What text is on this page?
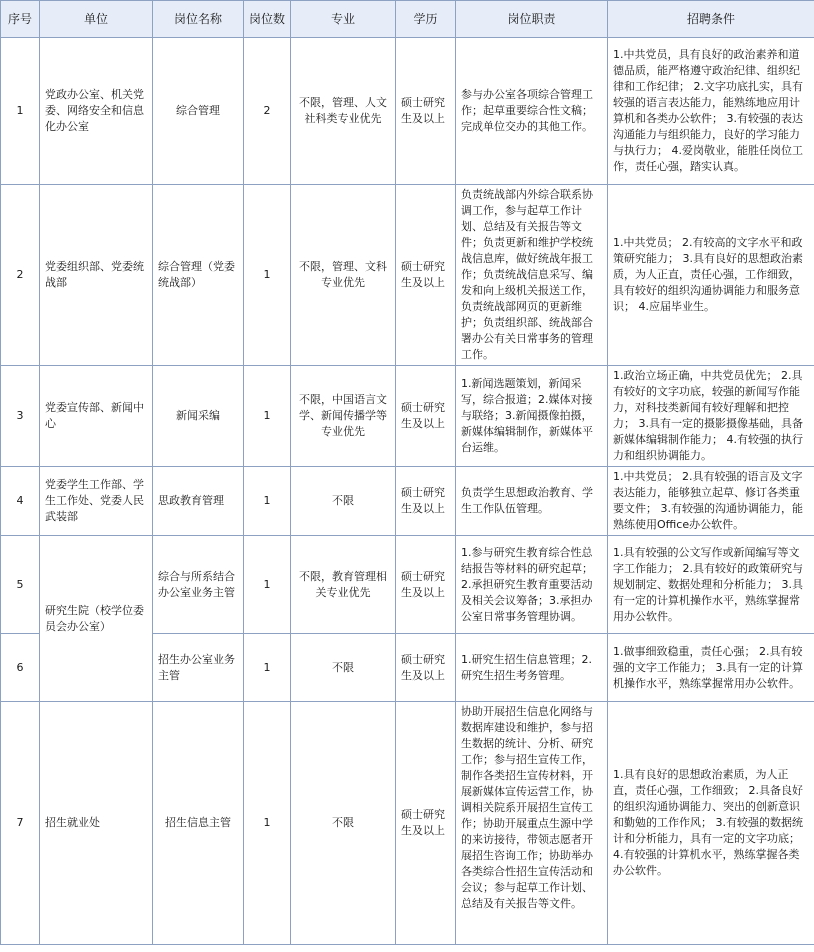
序号	单位	岗位名称	岗位数	专业	学历	岗位职责	招聘条件
1	党政办公室、机关党委、网络安全和信息化办公室	综合管理	2	不限，管理、人文社科类专业优先	硕士研究生及以上	参与办公室各项综合管理工作；起草重要综合性文稿；完成单位交办的其他工作。	1.中共党员，具有良好的政治素养和道德品质，能严格遵守政治纪律、组织纪律和工作纪律； 2.文字功底扎实，具有较强的语言表达能力，能熟练地应用计算机和各类办公软件； 3.有较强的表达沟通能力与组织能力，良好的学习能力与执行力； 4.爱岗敬业，能胜任岗位工作，责任心强，踏实认真。
2	党委组织部、党委统战部	综合管理（党委统战部）	1	不限，管理、文科专业优先	硕士研究生及以上	负责统战部内外综合联系协调工作，参与起草工作计划、总结及有关报告等文件；负责更新和维护学校统战信息库，做好统战年报工作；负责统战信息采写、编发和向上级机关报送工作，负责统战部网页的更新维护；负责组织部、统战部合署办公有关日常事务的管理工作。	1.中共党员； 2.有较高的文字水平和政策研究能力； 3.具有良好的思想政治素质，为人正直，责任心强，工作细致，具有较好的组织沟通协调能力和服务意识； 4.应届毕业生。
3	党委宣传部、新闻中心	新闻采编	1	不限，中国语言文学、新闻传播学等专业优先	硕士研究生及以上	1.新闻选题策划，新闻采写，综合报道；2.媒体对接与联络；3.新闻摄像拍摄，新媒体编辑制作，新媒体平台运维。	1.政治立场正确，中共党员优先； 2.具有较好的文字功底，较强的新闻写作能力，对科技类新闻有较好理解和把控力； 3.具有一定的摄影摄像基础，具备新媒体编辑制作能力； 4.有较强的执行力和组织协调能力。
4	党委学生工作部、学生工作处、党委人民武装部	思政教育管理	1	不限	硕士研究生及以上	负责学生思想政治教育、学生工作队伍管理。	1.中共党员； 2.具有较强的语言及文字表达能力，能够独立起草、修订各类重要文件； 3.有较强的沟通协调能力，能熟练使用Office办公软件。
5	研究生院（校学位委员会办公室）	综合与所系结合办公室业务主管	1	不限，教育管理相关专业优先	硕士研究生及以上	1.参与研究生教育综合性总结报告等材料的研究起草；2.承担研究生教育重要活动及相关会议筹备；3.承担办公室日常事务管理协调。	1.具有较强的公文写作或新闻编写等文字工作能力； 2.具有较好的政策研究与规划制定、数据处理和分析能力； 3.具有一定的计算机操作水平，熟练掌握常用办公软件。
6		招生办公室业务主管	1	不限	硕士研究生及以上	1.研究生招生信息管理；2.研究生招生考务管理。	1.做事细致稳重，责任心强； 2.具有较强的文字工作能力； 3.具有一定的计算机操作水平，熟练掌握常用办公软件。
7	招生就业处	招生信息主管	1	不限	硕士研究生及以上	协助开展招生信息化网络与数据库建设和维护，参与招生数据的统计、分析、研究工作；参与招生宣传工作，制作各类招生宣传材料，开展新媒体宣传运营工作，协调相关院系开展招生宣传工作；协助开展重点生源中学的来访接待，带领志愿者开展招生咨询工作；协助举办各类综合性招生宣传活动和会议；参与起草工作计划、总结及有关报告等文件。	1.具有良好的思想政治素质，为人正直，责任心强，工作细致； 2.具备良好的组织沟通协调能力、突出的创新意识和勤勉的工作作风； 3.有较强的数据统计和分析能力，具有一定的文字功底； 4.有较强的计算机水平，熟练掌握各类办公软件。
